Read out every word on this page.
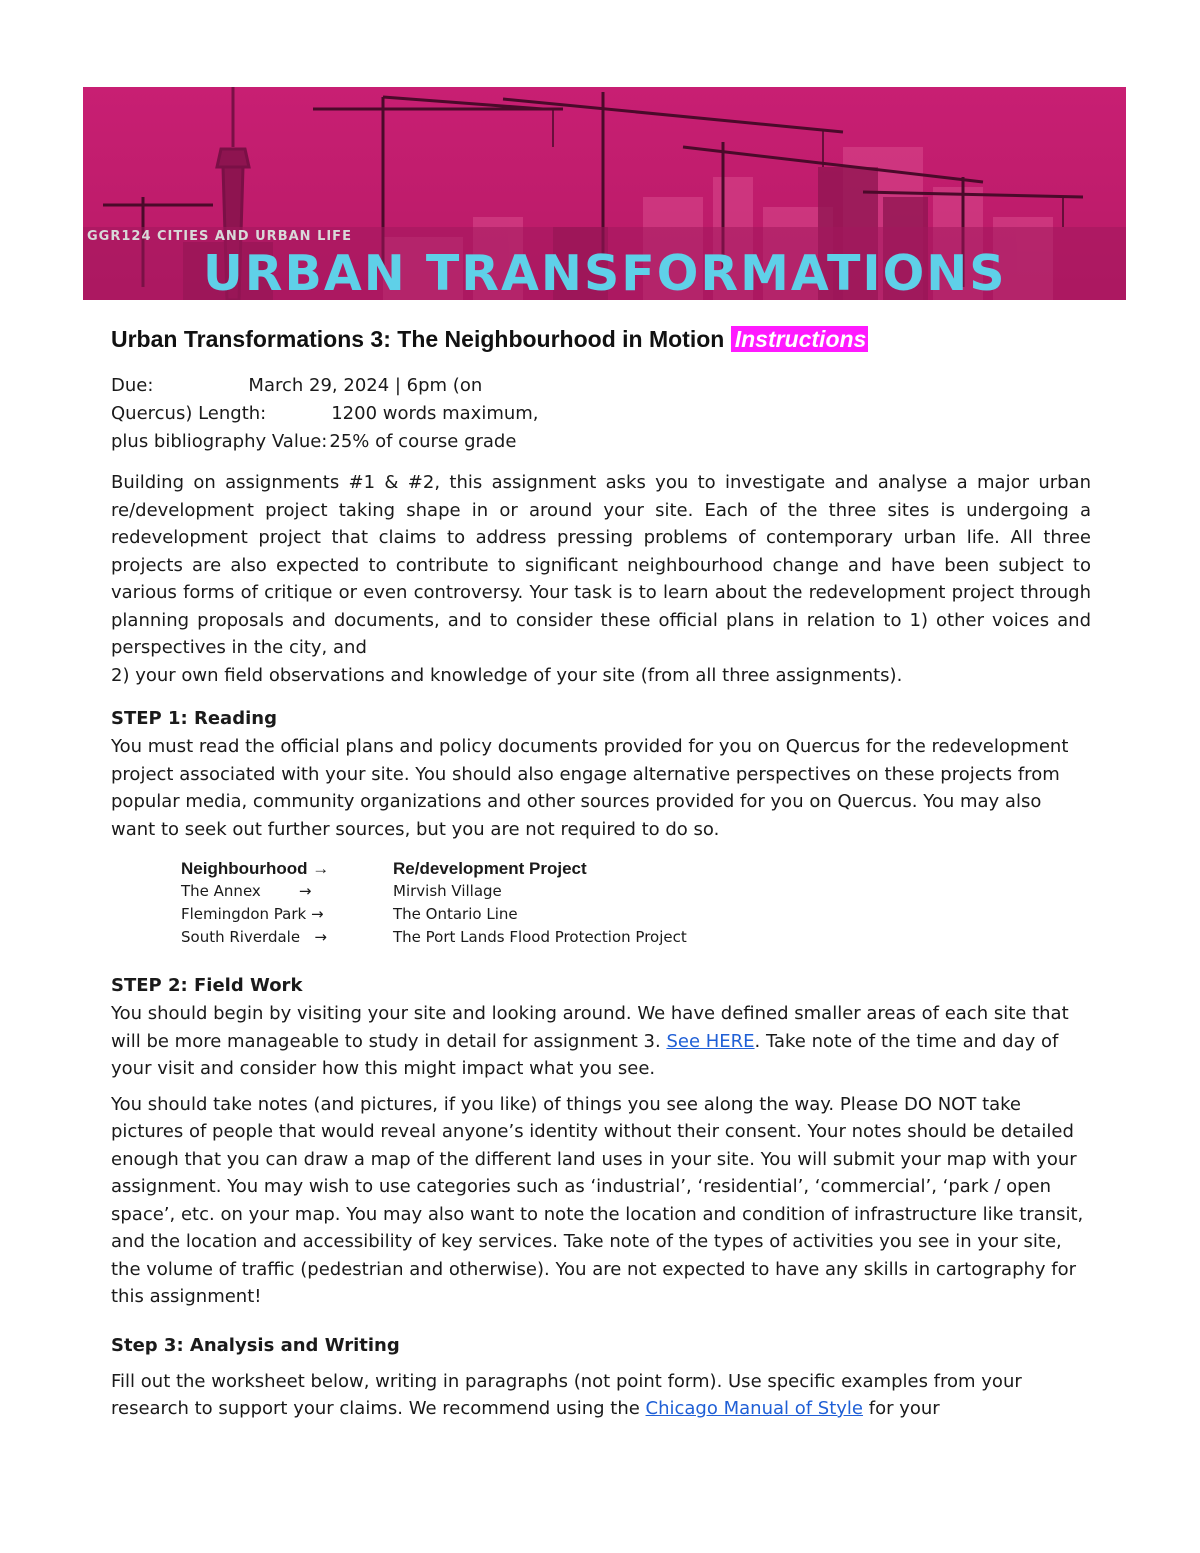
GGR124 CITIES AND URBAN LIFE
URBAN TRANSFORMATIONS
Urban Transformations 3: The Neighbourhood in Motion Instructions
Due:	March 29, 2024 | 6pm (on
Quercus) Length:	1200 words maximum,
plus bibliography Value: 25% of course grade

Building on assignments #1 & #2, this assignment asks you to investigate and analyse a major urban re/development project taking shape in or around your site. Each of the three sites is undergoing a redevelopment project that claims to address pressing problems of contemporary urban life. All three projects are also expected to contribute to significant neighbourhood change and have been subject to various forms of critique or even controversy. Your task is to learn about the redevelopment project through planning proposals and documents, and to consider these official plans in relation to 1) other voices and perspectives in the city, and

2) your own field observations and knowledge of your site (from all three assignments).

STEP 1: Reading

You must read the official plans and policy documents provided for you on Quercus for the redevelopment project associated with your site. You should also engage alternative perspectives on these projects from popular media, community organizations and other sources provided for you on Quercus. You may also want to seek out further sources, but you are not required to do so.

Neighbourhood →	Re/development Project
The Annex        →	Mirvish Village
Flemingdon Park →	The Ontario Line
South Riverdale   →	The Port Lands Flood Protection Project
STEP 2: Field Work

You should begin by visiting your site and looking around. We have defined smaller areas of each site that will be more manageable to study in detail for assignment 3. See HERE. Take note of the time and day of your visit and consider how this might impact what you see.

You should take notes (and pictures, if you like) of things you see along the way. Please DO NOT take pictures of people that would reveal anyone’s identity without their consent. Your notes should be detailed enough that you can draw a map of the different land uses in your site. You will submit your map with your assignment. You may wish to use categories such as ‘industrial’, ‘residential’, ‘commercial’, ‘park / open space’, etc. on your map. You may also want to note the location and condition of infrastructure like transit, and the location and accessibility of key services. Take note of the types of activities you see in your site, the volume of traffic (pedestrian and otherwise). You are not expected to have any skills in cartography for this assignment!

Step 3: Analysis and Writing

Fill out the worksheet below, writing in paragraphs (not point form). Use specific examples from your research to support your claims. We recommend using the Chicago Manual of Style for your
